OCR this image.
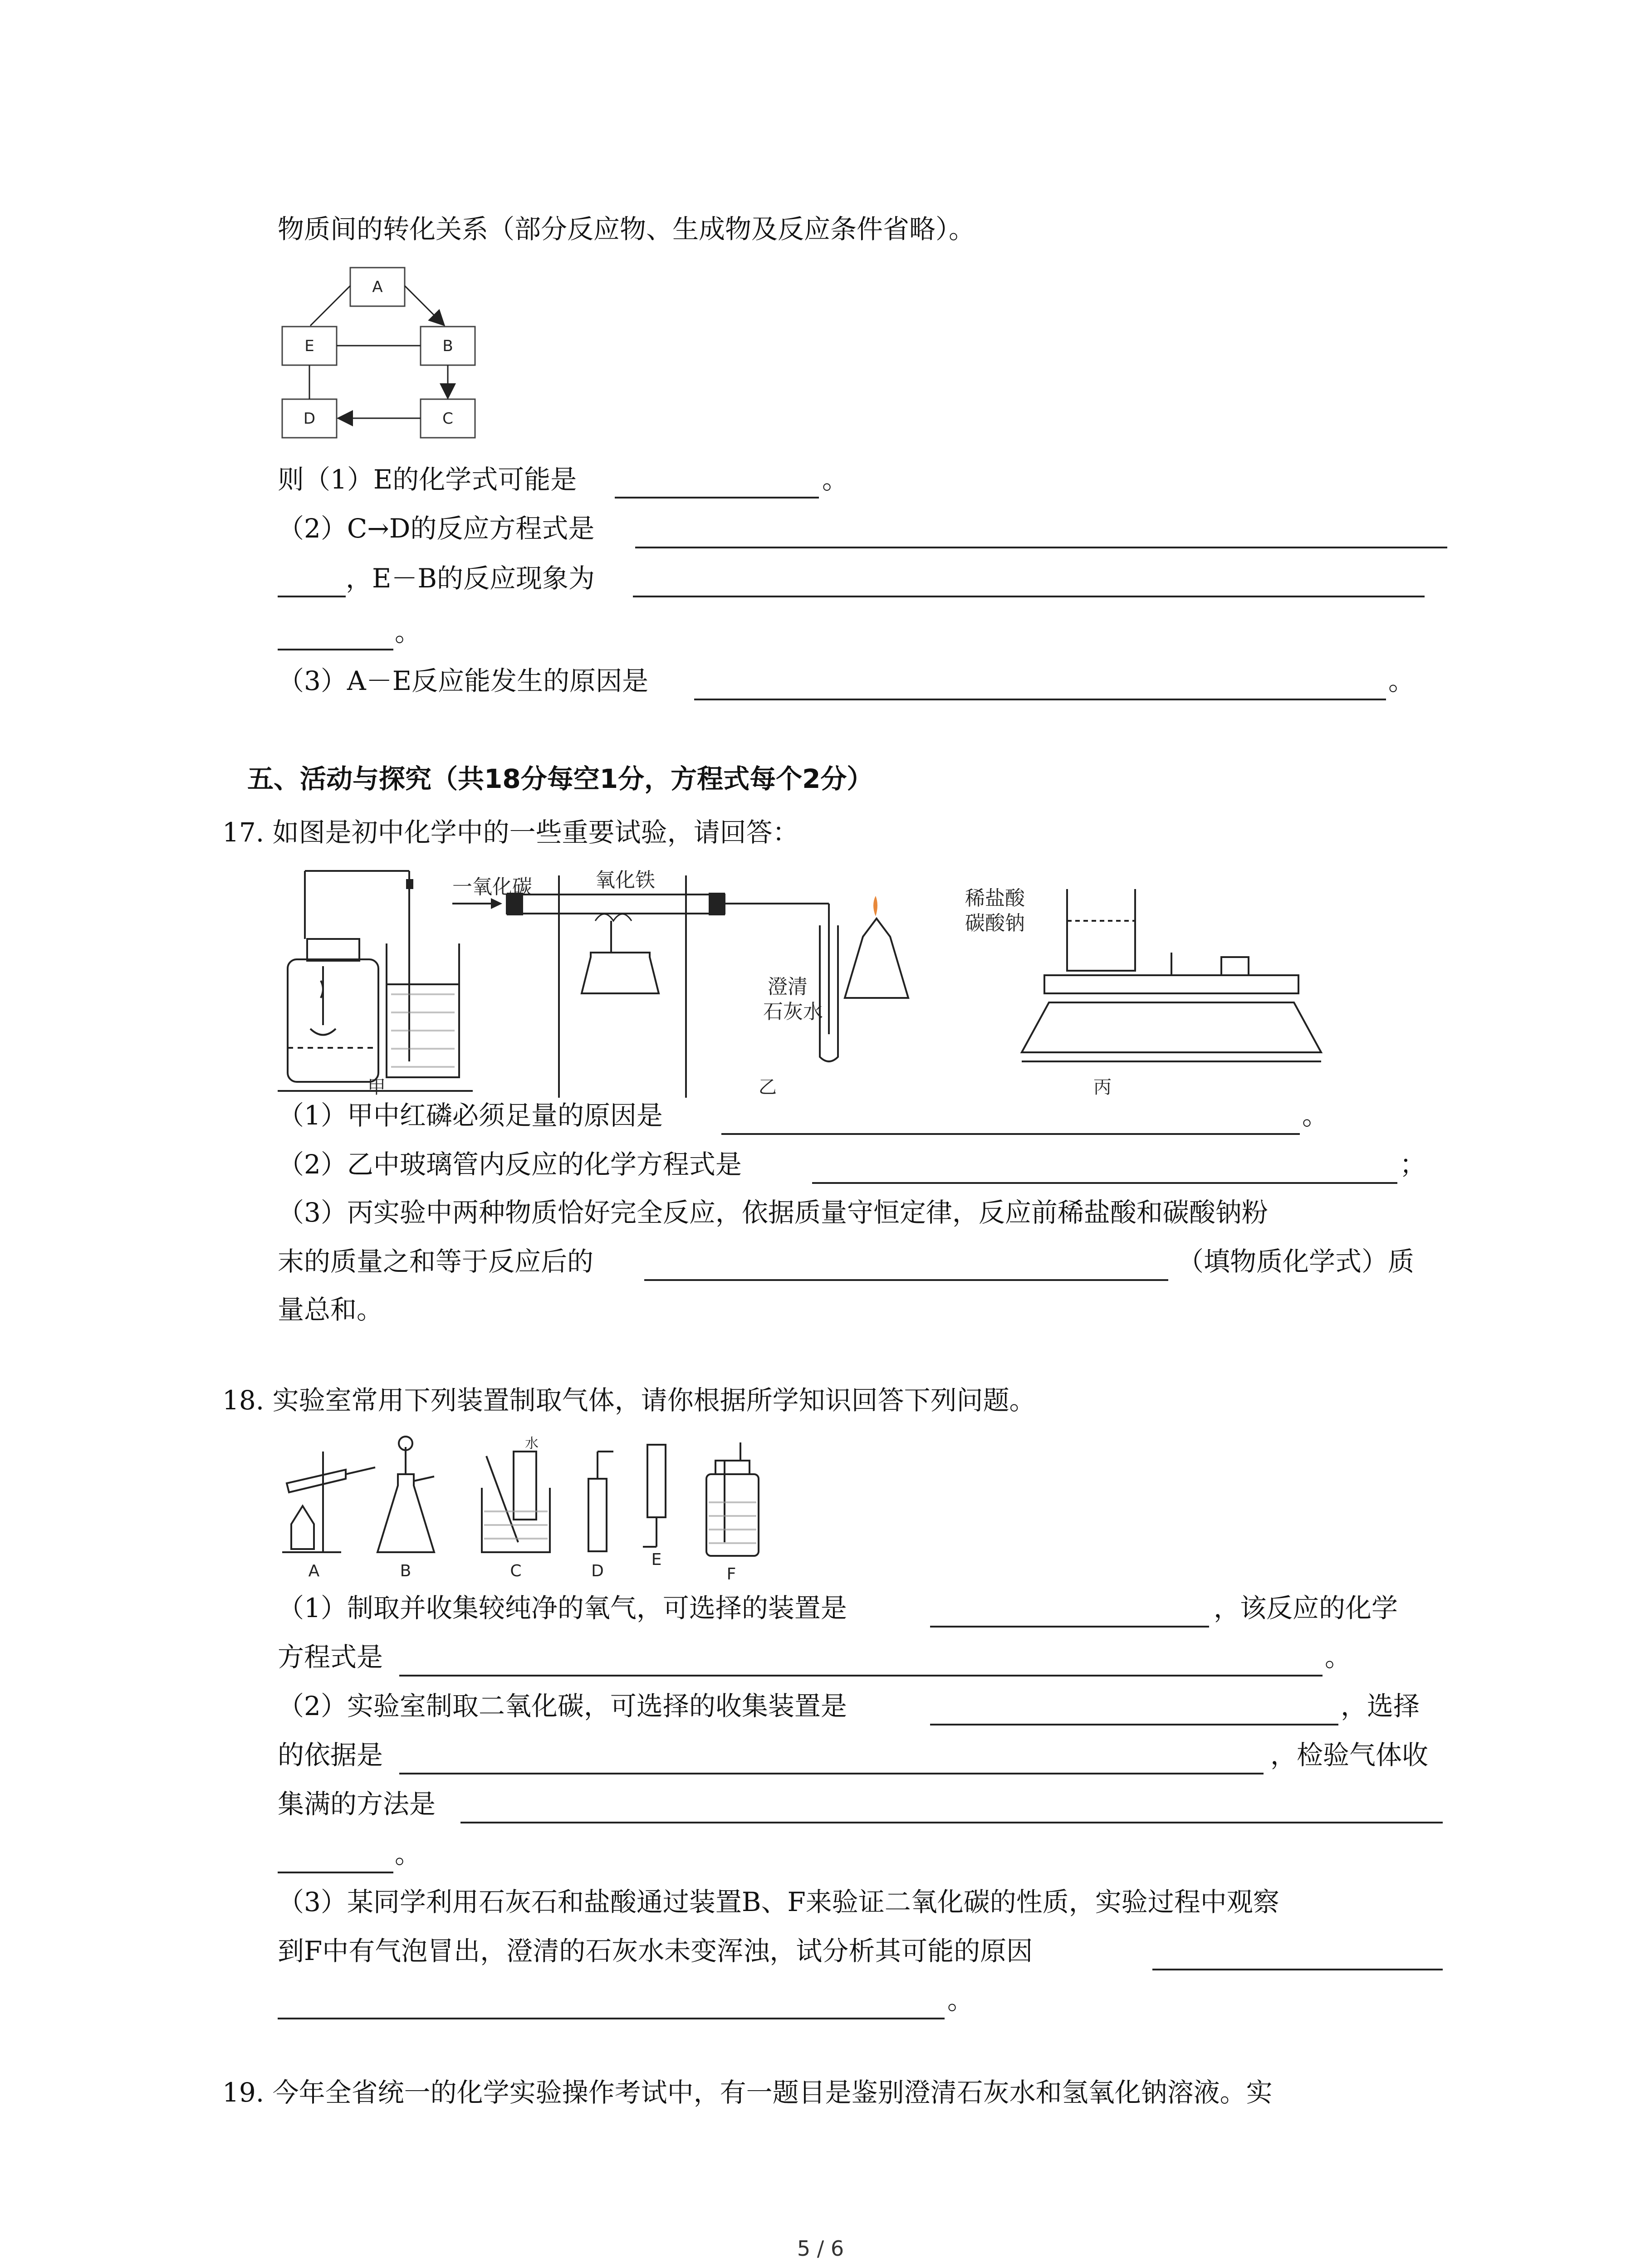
物质间的转化关系（部分反应物、生成物及反应条件省略）。
A
B
C
D
E
则（1）E的化学式可能是	。
（2）C→D的反应方程式是
，E－B的反应现象为
。
（3）A－E反应能发生的原因是	。
五、活动与探究（共18分每空1分，方程式每个2分）
17. 如图是初中化学中的一些重要试验，请回答：
一氧化碳	氧化铁
澄清
石灰水
稀盐酸
碳酸钠
甲	乙	丙
（1）甲中红磷必须足量的原因是	。
（2）乙中玻璃管内反应的化学方程式是	；
（3）丙实验中两种物质恰好完全反应，依据质量守恒定律，反应前稀盐酸和碳酸钠粉
末的质量之和等于反应后的	（填物质化学式）质
量总和。
18. 实验室常用下列装置制取气体，请你根据所学知识回答下列问题。
水
A	B	C	D
E
F
（1）制取并收集较纯净的氧气，可选择的装置是	，该反应的化学
方程式是	。
（2）实验室制取二氧化碳，可选择的收集装置是	，选择
的依据是	，检验气体收
集满的方法是
。
（3）某同学利用石灰石和盐酸通过装置B、F来验证二氧化碳的性质，实验过程中观察
到F中有气泡冒出，澄清的石灰水未变浑浊，试分析其可能的原因
。
19. 今年全省统一的化学实验操作考试中，有一题目是鉴别澄清石灰水和氢氧化钠溶液。实
5 / 6
